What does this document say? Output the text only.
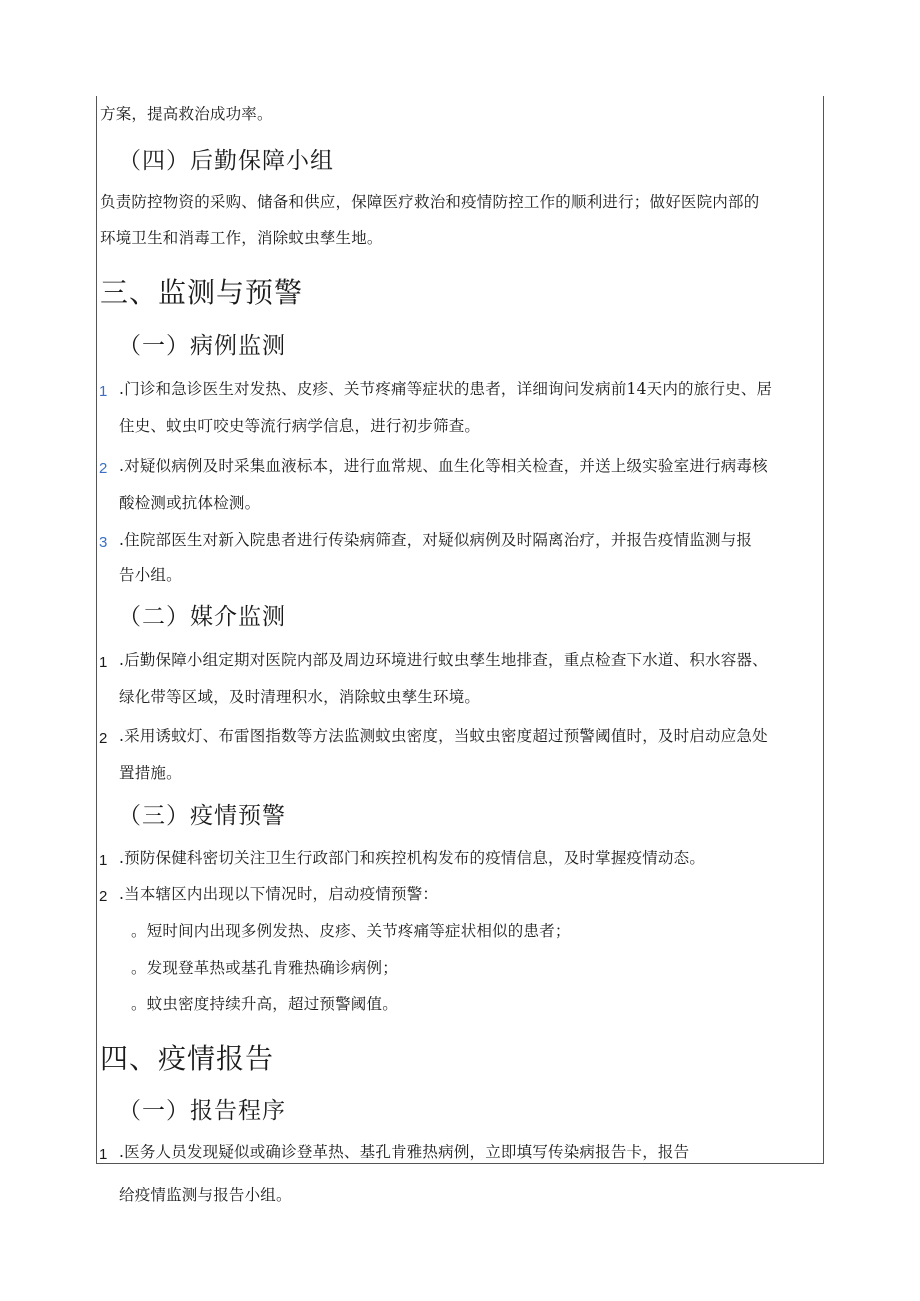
方案，提高救治成功率。
（四）后勤保障小组
负责防控物资的采购、储备和供应，保障医疗救治和疫情防控工作的顺利进行；做好医院内部的
环境卫生和消毒工作，消除蚊虫孳生地。
三、监测与预警
（一）病例监测
1 .门诊和急诊医生对发热、皮疹、关节疼痛等症状的患者，详细询问发病前14天内的旅行史、居
住史、蚊虫叮咬史等流行病学信息，进行初步筛查。
2 .对疑似病例及时采集血液标本，进行血常规、血生化等相关检查，并送上级实验室进行病毒核
酸检测或抗体检测。
3 .住院部医生对新入院患者进行传染病筛查，对疑似病例及时隔离治疗，并报告疫情监测与报
告小组。
（二）媒介监测
1 .后勤保障小组定期对医院内部及周边环境进行蚊虫孳生地排查，重点检查下水道、积水容器、
绿化带等区域，及时清理积水，消除蚊虫孳生环境。
2 .采用诱蚊灯、布雷图指数等方法监测蚊虫密度，当蚊虫密度超过预警阈值时，及时启动应急处
置措施。
（三）疫情预警
1 .预防保健科密切关注卫生行政部门和疾控机构发布的疫情信息，及时掌握疫情动态。
2 .当本辖区内出现以下情况时，启动疫情预警：
。短时间内出现多例发热、皮疹、关节疼痛等症状相似的患者；
。发现登革热或基孔肯雅热确诊病例；
。蚊虫密度持续升高，超过预警阈值。
四、疫情报告
（一）报告程序
1 .医务人员发现疑似或确诊登革热、基孔肯雅热病例，立即填写传染病报告卡，报告
给疫情监测与报告小组。
